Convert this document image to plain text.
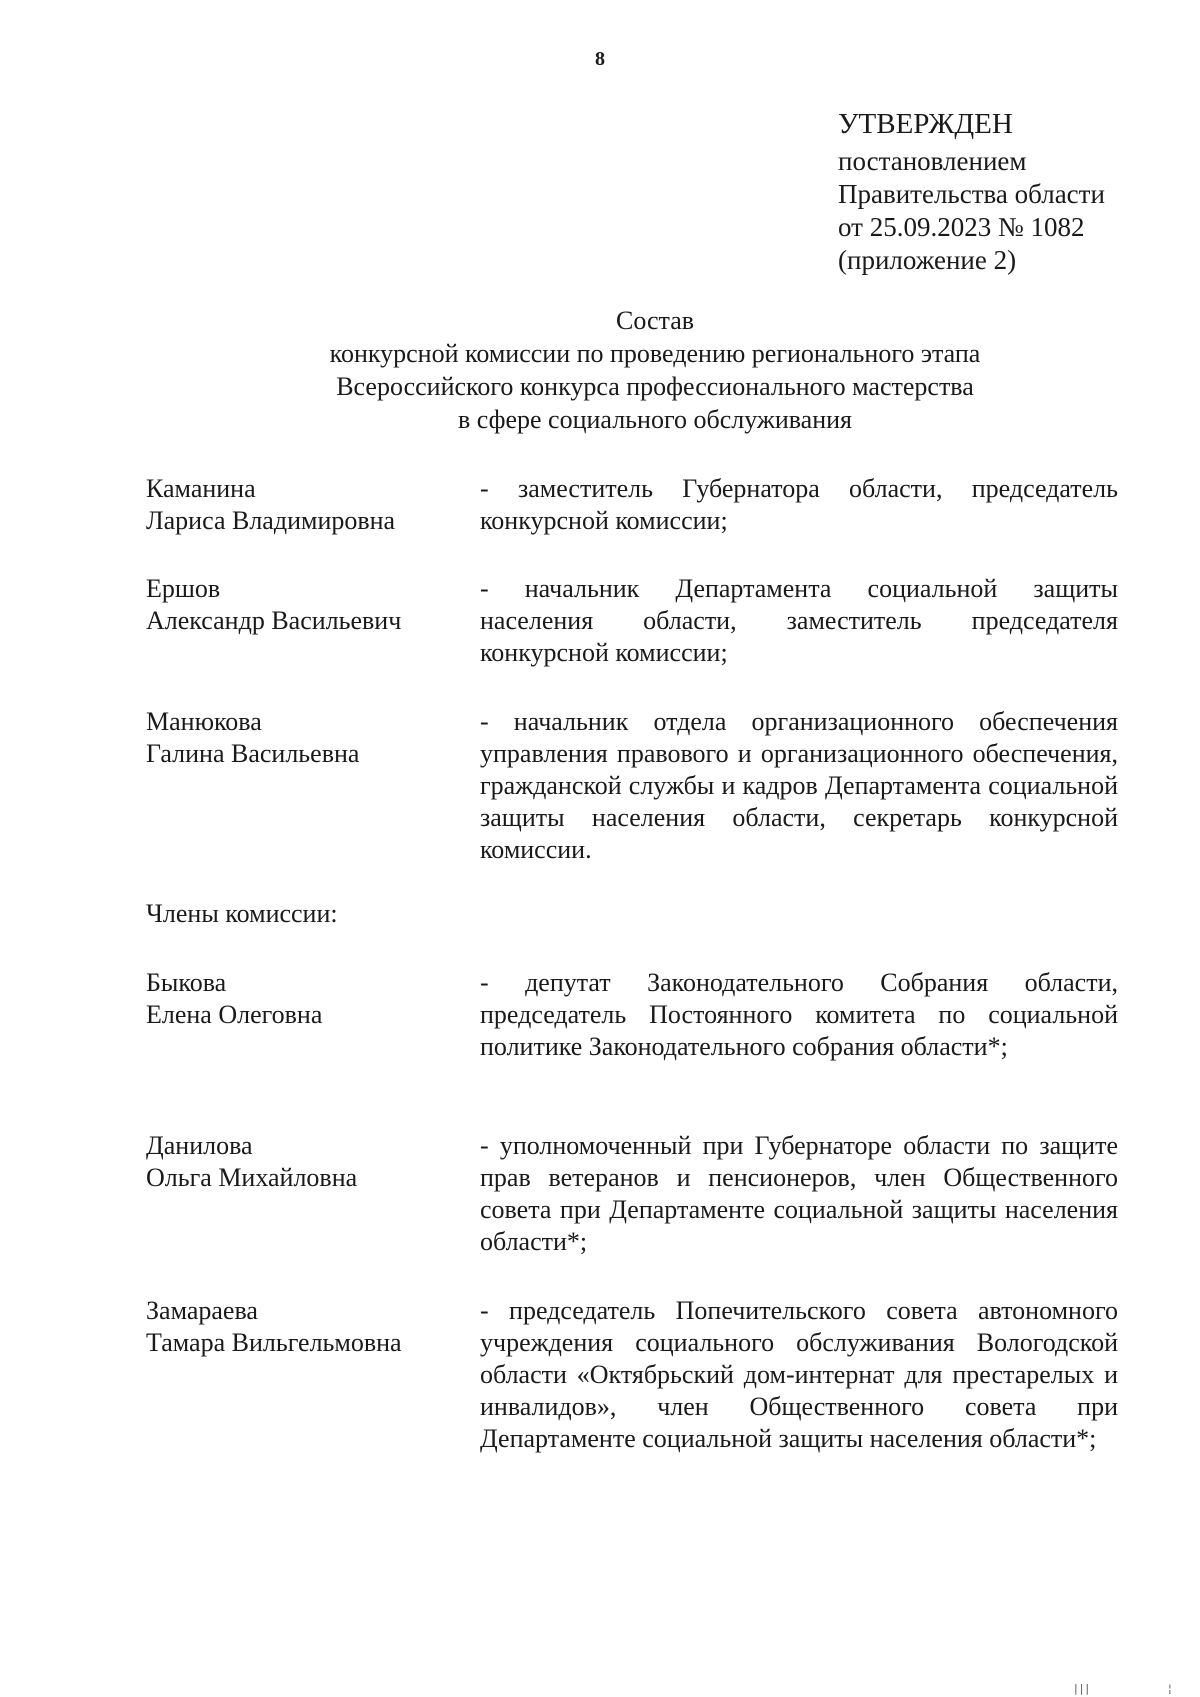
8
УТВЕРЖДЕН
постановлением
Правительства области
от 25.09.2023 № 1082
(приложение 2)
Состав
конкурсной комиссии по проведению регионального этапа
Всероссийского конкурса профессионального мастерства
в сфере социального обслуживания
Каманина
Лариса Владимировна
- заместитель Губернатора области, председатель конкурсной комиссии;
Ершов
Александр Васильевич
- начальник Департамента социальной защиты населения области, заместитель председателя конкурсной комиссии;
Манюкова
Галина Васильевна
- начальник отдела организационного обеспечения управления правового и организационного обеспечения, гражданской службы и кадров Департамента социальной защиты населения области, секретарь конкурсной комиссии.
Члены комиссии:
Быкова
Елена Олеговна
- депутат Законодательного Собрания области, председатель Постоянного комитета по социальной политике Законодательного собрания области*;
Данилова
Ольга Михайловна
- уполномоченный при Губернаторе области по защите прав ветеранов и пенсионеров, член Общественного совета при Департаменте социальной защиты населения области*;
Замараева
Тамара Вильгельмовна
- председатель Попечительского совета автономного учреждения социального обслуживания Вологодской области «Октябрьский дом-интернат для престарелых и инвалидов», член Общественного совета при Департаменте социальной защиты населения области*;
|||	¦
